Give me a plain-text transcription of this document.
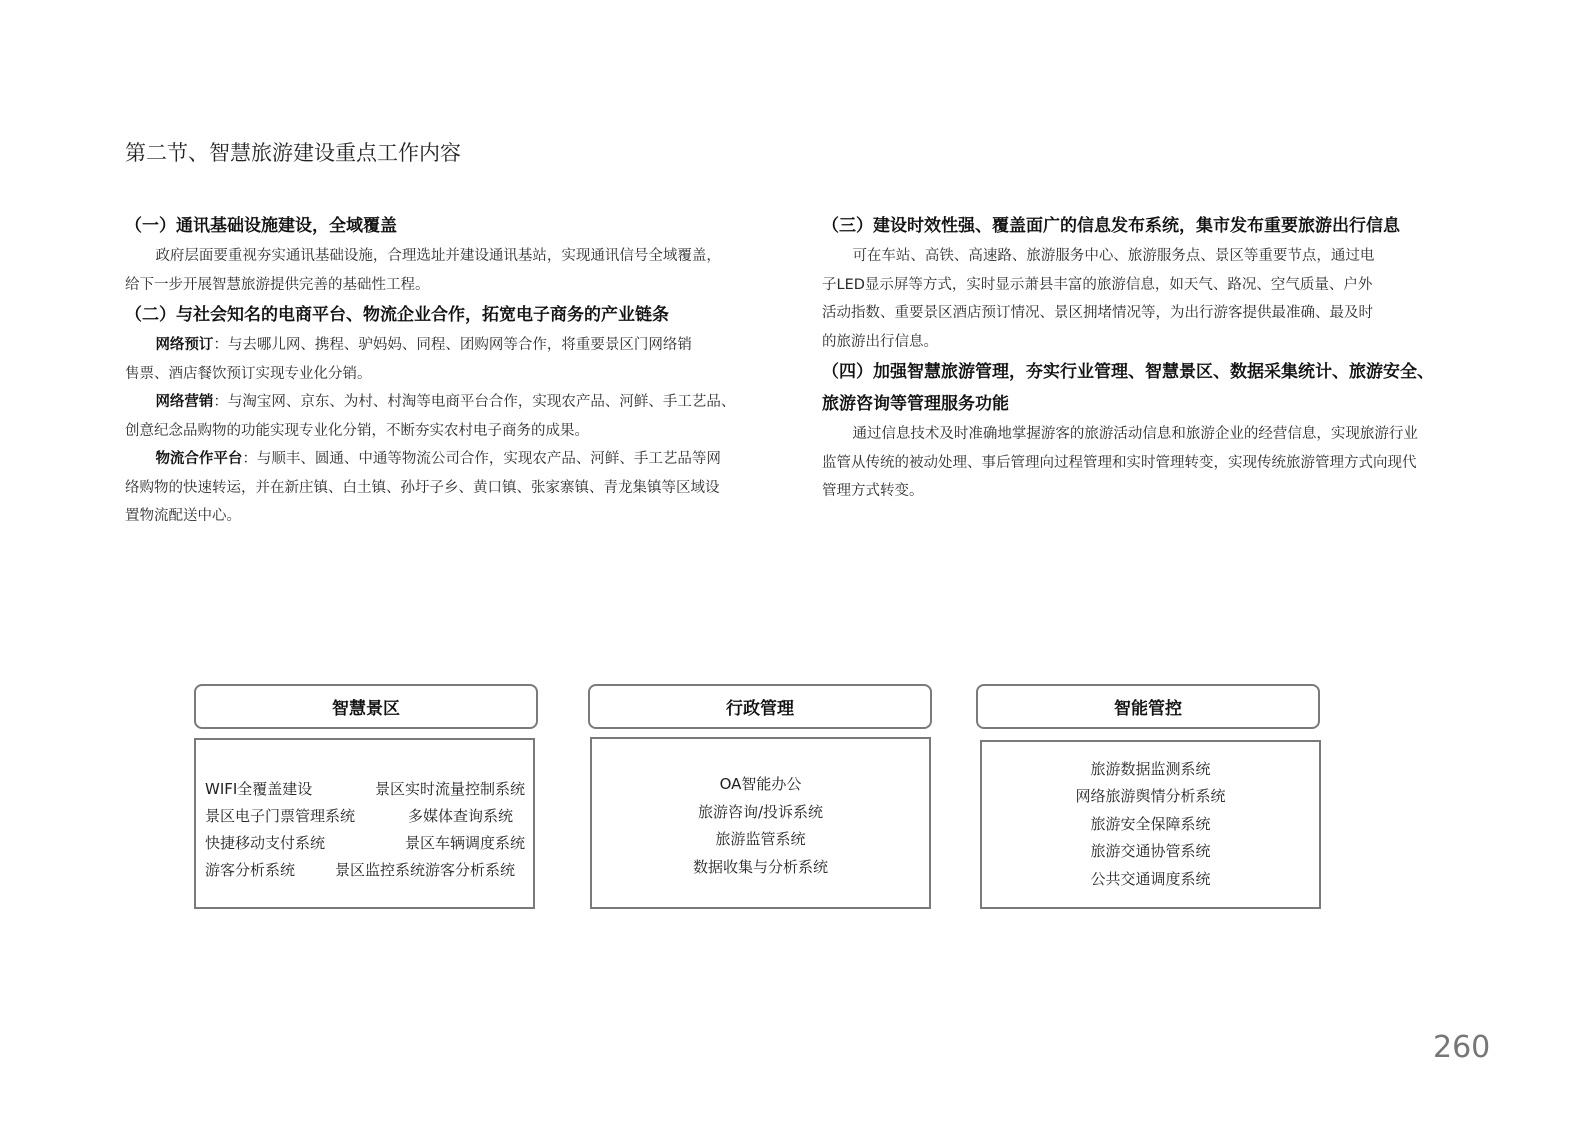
第二节、智慧旅游建设重点工作内容
（一）通讯基础设施建设，全域覆盖

政府层面要重视夯实通讯基础设施，合理选址并建设通讯基站，实现通讯信号全域覆盖，

给下一步开展智慧旅游提供完善的基础性工程。

（二）与社会知名的电商平台、物流企业合作，拓宽电子商务的产业链条

网络预订：与去哪儿网、携程、驴妈妈、同程、团购网等合作，将重要景区门网络销

售票、酒店餐饮预订实现专业化分销。

网络营销：与淘宝网、京东、为村、村淘等电商平台合作，实现农产品、河鲜、手工艺品、

创意纪念品购物的功能实现专业化分销，不断夯实农村电子商务的成果。

物流合作平台：与顺丰、圆通、中通等物流公司合作，实现农产品、河鲜、手工艺品等网

络购物的快速转运，并在新庄镇、白土镇、孙圩子乡、黄口镇、张家寨镇、青龙集镇等区域设

置物流配送中心。

（三）建设时效性强、覆盖面广的信息发布系统，集市发布重要旅游出行信息

可在车站、高铁、高速路、旅游服务中心、旅游服务点、景区等重要节点，通过电

子LED显示屏等方式，实时显示萧县丰富的旅游信息，如天气、路况、空气质量、户外

活动指数、重要景区酒店预订情况、景区拥堵情况等，为出行游客提供最准确、最及时

的旅游出行信息。

（四）加强智慧旅游管理，夯实行业管理、智慧景区、数据采集统计、旅游安全、
旅游咨询等管理服务功能

通过信息技术及时准确地掌握游客的旅游活动信息和旅游企业的经营信息，实现旅游行业

监管从传统的被动处理、事后管理向过程管理和实时管理转变，实现传统旅游管理方式向现代

管理方式转变。

智慧景区
WIFI全覆盖建设	景区实时流量控制系统
景区电子门票管理系统	多媒体查询系统
快捷移动支付系统	景区车辆调度系统
游客分析系统	景区监控系统游客分析系统
行政管理
OA智能办公
旅游咨询/投诉系统
旅游监管系统
数据收集与分析系统
智能管控
旅游数据监测系统
网络旅游舆情分析系统
旅游安全保障系统
旅游交通协管系统
公共交通调度系统
260
